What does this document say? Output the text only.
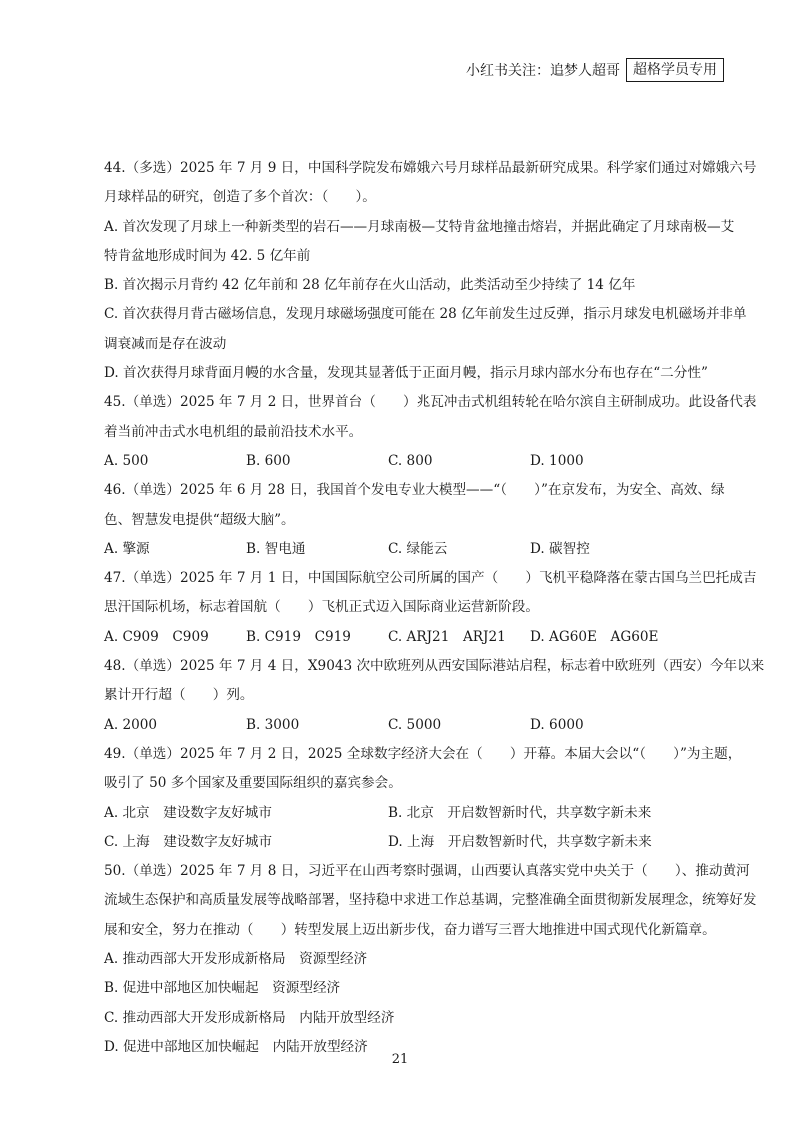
小红书关注：追梦人超哥 超格学员专用
44.（多选）2025 年 7 月 9 日，中国科学院发布嫦娥六号月球样品最新研究成果。科学家们通过对嫦娥六号
月球样品的研究，创造了多个首次：（　　）。
A. 首次发现了月球上一种新类型的岩石——月球南极—艾特肯盆地撞击熔岩，并据此确定了月球南极—艾
特肯盆地形成时间为 42. 5 亿年前
B. 首次揭示月背约 42 亿年前和 28 亿年前存在火山活动，此类活动至少持续了 14 亿年
C. 首次获得月背古磁场信息，发现月球磁场强度可能在 28 亿年前发生过反弹，指示月球发电机磁场并非单
调衰减而是存在波动
D. 首次获得月球背面月幔的水含量，发现其显著低于正面月幔，指示月球内部水分布也存在“二分性”
45.（单选）2025 年 7 月 2 日，世界首台（　　）兆瓦冲击式机组转轮在哈尔滨自主研制成功。此设备代表
着当前冲击式水电机组的最前沿技术水平。
A. 500	B. 600	C. 800	D. 1000
46.（单选）2025 年 6 月 28 日，我国首个发电专业大模型——“（　　）”在京发布，为安全、高效、绿
色、智慧发电提供“超级大脑”。
A. 擎源	B. 智电通	C. 绿能云	D. 碳智控
47.（单选）2025 年 7 月 1 日，中国国际航空公司所属的国产（　　）飞机平稳降落在蒙古国乌兰巴托成吉
思汗国际机场，标志着国航（　　）飞机正式迈入国际商业运营新阶段。
A. C909　C909	B. C919　C919	C. ARJ21　ARJ21	D. AG60E　AG60E
48.（单选）2025 年 7 月 4 日，X9043 次中欧班列从西安国际港站启程，标志着中欧班列（西安）今年以来
累计开行超（　　）列。
A. 2000	B. 3000	C. 5000	D. 6000
49.（单选）2025 年 7 月 2 日，2025 全球数字经济大会在（　　）开幕。本届大会以“（　　）”为主题，
吸引了 50 多个国家及重要国际组织的嘉宾参会。
A. 北京　建设数字友好城市	B. 北京　开启数智新时代，共享数字新未来
C. 上海　建设数字友好城市	D. 上海　开启数智新时代，共享数字新未来
50.（单选）2025 年 7 月 8 日，习近平在山西考察时强调，山西要认真落实党中央关于（　　）、推动黄河
流域生态保护和高质量发展等战略部署，坚持稳中求进工作总基调，完整准确全面贯彻新发展理念，统筹好发
展和安全，努力在推动（　　）转型发展上迈出新步伐，奋力谱写三晋大地推进中国式现代化新篇章。
A. 推动西部大开发形成新格局　资源型经济
B. 促进中部地区加快崛起　资源型经济
C. 推动西部大开发形成新格局　内陆开放型经济
D. 促进中部地区加快崛起　内陆开放型经济
21
